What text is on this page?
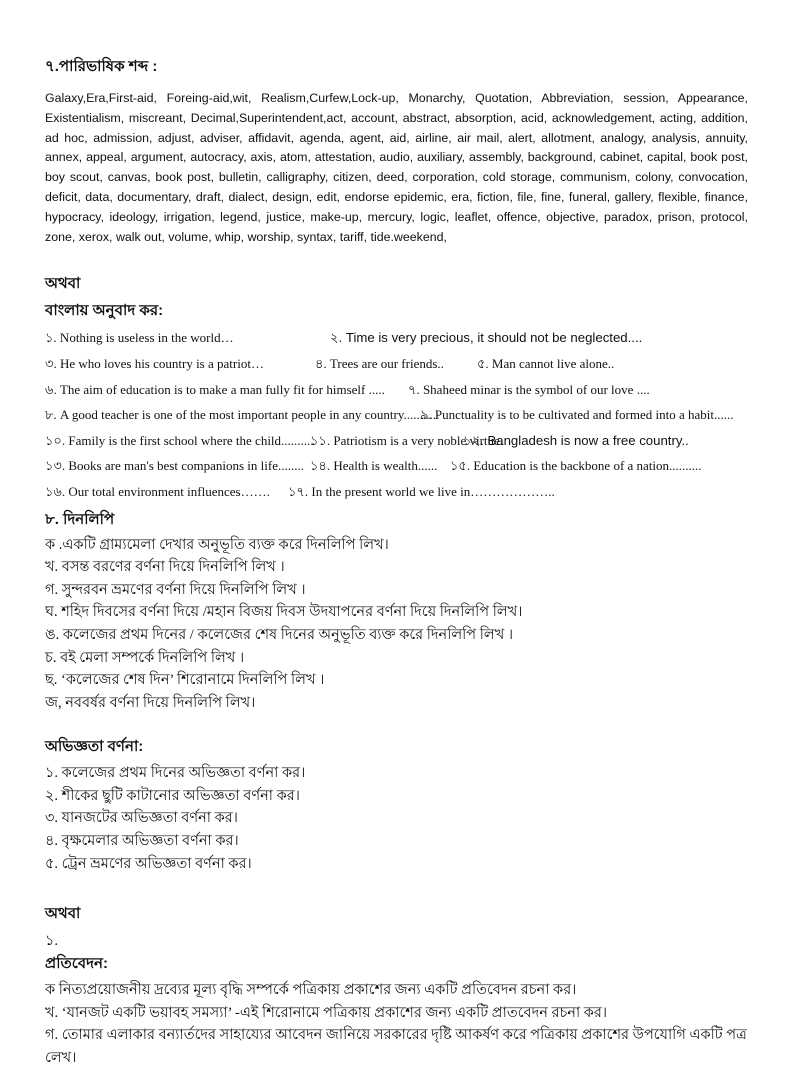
৭.পারিভাষিক শব্দ :

Galaxy,Era,First-aid, Foreing-aid,wit, Realism,Curfew,Lock-up, Monarchy, Quotation, Abbreviation, session, Appearance, Existentialism, miscreant, Decimal,Superintendent,act, account, abstract, absorption, acid, acknowledgement, acting, addition, ad hoc, admission, adjust, adviser, affidavit, agenda, agent, aid, airline, air mail, alert, allotment, analogy, analysis, annuity, annex, appeal, argument, autocracy, axis, atom, attestation, audio, auxiliary, assembly, background, cabinet, capital, book post, boy scout, canvas, book post, bulletin, calligraphy, citizen, deed, corporation, cold storage, communism, colony, convocation, deficit, data, documentary, draft, dialect, design, edit, endorse epidemic, era, fiction, file, fine, funeral, gallery, flexible, finance, hypocracy, ideology, irrigation, legend, justice, make-up, mercury, logic, leaflet, offence, objective, paradox, prison, protocol, zone, xerox, walk out, volume, whip, worship, syntax, tariff, tide.weekend,

অথবা
বাংলায় অনুবাদ কর:
১. Nothing is useless in the world…	২. Time is very precious, it should not be neglected....
৩. He who loves his country is a patriot…	৪. Trees are our friends..	৫. Man cannot live alone..
৬. The aim of education is to make a man fully fit for himself ..... ৭. Shaheed minar is the symbol of our love ....
৮. A good teacher is one of the most important people in any country..........৯. Punctuality is to be cultivated and formed into a habit......
১০. Family is the first school where the child..........১১. Patriotism is a very noble virtue.১২. Bangladesh is now a free country..
১৩. Books are man's best companions in life........ ১৪. Health is wealth...... ১৫. Education is the backbone of a nation..........
১৬. Our total environment influences……. ১৭. In the present world we live in………………..
৮. দিনলিপি

ক .একটি গ্রাম্যমেলা দেখার অনুভূতি ব্যক্ত করে দিনলিপি লিখ।

খ. বসন্ত বরণের বর্ণনা দিয়ে দিনলিপি লিখ ।

গ. সুন্দরবন ভ্রমণের বর্ণনা দিয়ে দিনলিপি লিখ ।

ঘ. শহিদ দিবসের বর্ণনা দিয়ে /মহান বিজয় দিবস উদযাপনের বর্ণনা দিয়ে দিনলিপি লিখ।

ঙ. কলেজের প্রথম দিনের / কলেজের শেষ দিনের অনুভূতি ব্যক্ত করে দিনলিপি লিখ ।

চ. বই মেলা সম্পর্কে দিনলিপি লিখ ।

ছ. ‘কলেজের শেষ দিন’ শিরোনামে দিনলিপি লিখ ।

জ, নববর্ষর বর্ণনা দিয়ে দিনলিপি লিখ।

অভিজ্ঞতা বর্ণনা:

১. কলেজের প্রথম দিনের অভিজ্ঞতা বর্ণনা কর।

২. শীকের ছুটি কাটানোর অভিজ্ঞতা বর্ণনা কর।

৩. যানজটের অভিজ্ঞতা বর্ণনা কর।

৪. বৃক্ষমেলার অভিজ্ঞতা বর্ণনা কর।

৫. ট্রেন ভ্রমণের অভিজ্ঞতা বর্ণনা কর।

অথবা

১.

প্রতিবেদন:

ক নিত্যপ্রয়োজনীয় দ্রব্যের মূল্য বৃদ্ধি সম্পর্কে পত্রিকায় প্রকাশের জন্য একটি প্রতিবেদন রচনা কর।

খ. ‘যানজট একটি ভয়াবহ সমস্যা’ -এই শিরোনামে পত্রিকায় প্রকাশের জন্য একটি প্রাতবেদন রচনা কর।

গ. তোমার এলাকার বন্যার্তদের সাহায্যের আবেদন জানিয়ে সরকারের দৃষ্টি আকর্ষণ করে পত্রিকায় প্রকাশের উপযোগি একটি পত্র লেখ।
